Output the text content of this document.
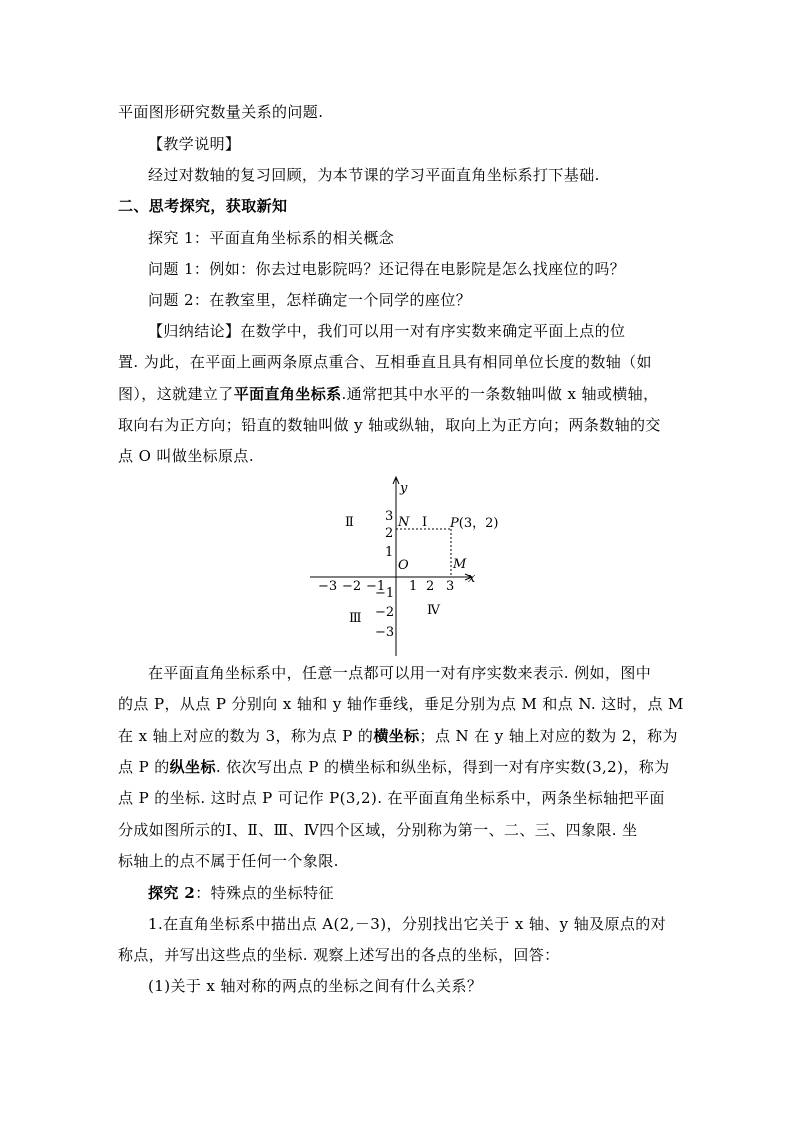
平面图形研究数量关系的问题.
【教学说明】
经过对数轴的复习回顾，为本节课的学习平面直角坐标系打下基础.
二、思考探究，获取新知
探究 1：平面直角坐标系的相关概念
问题 1：例如：你去过电影院吗？还记得在电影院是怎么找座位的吗？
问题 2：在教室里，怎样确定一个同学的座位？
【归纳结论】在数学中，我们可以用一对有序实数来确定平面上点的位
置. 为此，在平面上画两条原点重合、互相垂直且具有相同单位长度的数轴（如
图），这就建立了平面直角坐标系.通常把其中水平的一条数轴叫做 x 轴或横轴，
取向右为正方向；铅直的数轴叫做 y 轴或纵轴，取向上为正方向；两条数轴的交
点 O 叫做坐标原点.
y
x
O
−3 −2 −1 1 2 3
3
2
1
−1
−2
−3
N
M
P(3，2)
Ⅰ
Ⅱ
Ⅲ
Ⅳ
在平面直角坐标系中，任意一点都可以用一对有序实数来表示. 例如，图中
的点 P，从点 P 分别向 x 轴和 y 轴作垂线，垂足分别为点 M 和点 N. 这时，点 M
在 x 轴上对应的数为 3，称为点 P 的横坐标；点 N 在 y 轴上对应的数为 2，称为
点 P 的纵坐标. 依次写出点 P 的横坐标和纵坐标，得到一对有序实数(3,2)，称为
点 P 的坐标. 这时点 P 可记作 P(3,2). 在平面直角坐标系中，两条坐标轴把平面
分成如图所示的Ⅰ、Ⅱ、Ⅲ、Ⅳ四个区域，分别称为第一、二、三、四象限. 坐
标轴上的点不属于任何一个象限.
探究 2：特殊点的坐标特征
1.在直角坐标系中描出点 A(2,－3)，分别找出它关于 x 轴、y 轴及原点的对
称点，并写出这些点的坐标. 观察上述写出的各点的坐标，回答：
(1)关于 x 轴对称的两点的坐标之间有什么关系？
